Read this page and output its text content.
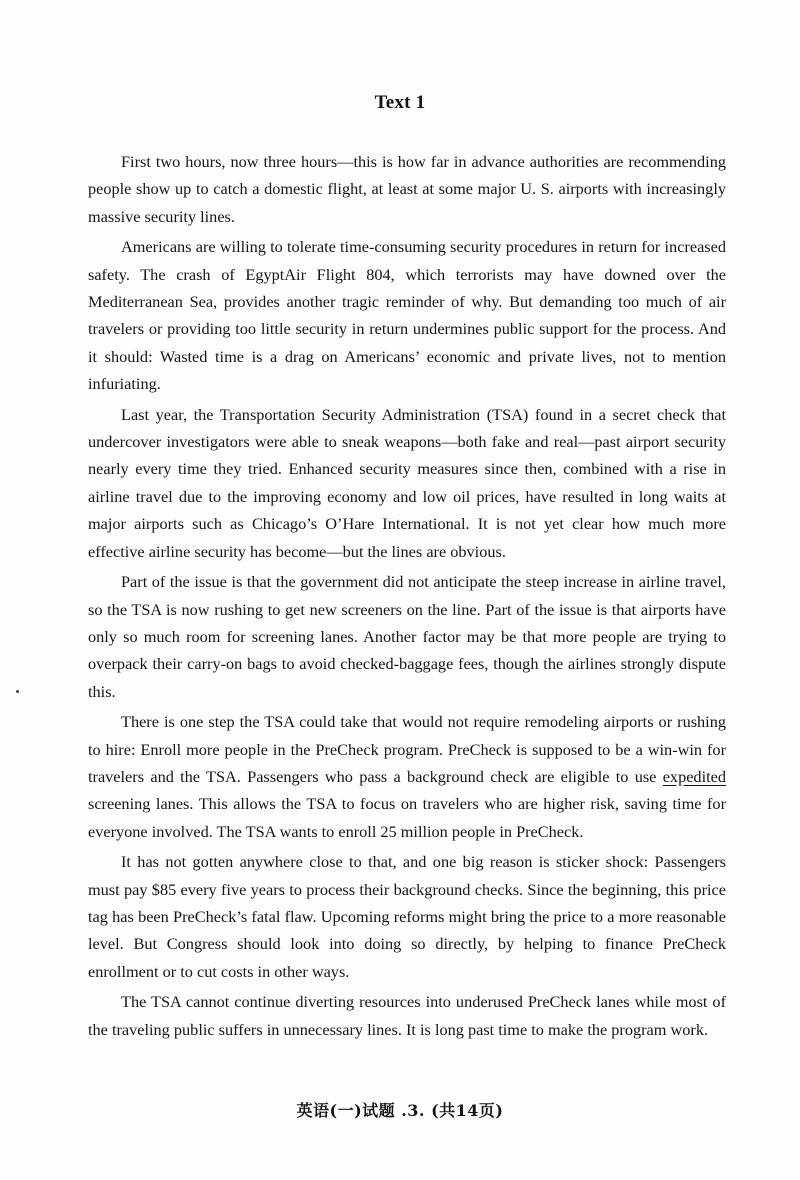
Text 1

First two hours, now three hours—this is how far in advance authorities are recommending people show up to catch a domestic flight, at least at some major U. S. airports with increasingly massive security lines.

Americans are willing to tolerate time-consuming security procedures in return for increased safety. The crash of EgyptAir Flight 804, which terrorists may have downed over the Mediterranean Sea, provides another tragic reminder of why. But demanding too much of air travelers or providing too little security in return undermines public support for the process. And it should: Wasted time is a drag on Americans’ economic and private lives, not to mention infuriating.

Last year, the Transportation Security Administration (TSA) found in a secret check that undercover investigators were able to sneak weapons—both fake and real—past airport security nearly every time they tried. Enhanced security measures since then, combined with a rise in airline travel due to the improving economy and low oil prices, have resulted in long waits at major airports such as Chicago’s O’Hare International. It is not yet clear how much more effective airline security has become—but the lines are obvious.

Part of the issue is that the government did not anticipate the steep increase in airline travel, so the TSA is now rushing to get new screeners on the line. Part of the issue is that airports have only so much room for screening lanes. Another factor may be that more people are trying to overpack their carry-on bags to avoid checked-baggage fees, though the airlines strongly dispute this.

There is one step the TSA could take that would not require remodeling airports or rushing to hire: Enroll more people in the PreCheck program. PreCheck is supposed to be a win-win for travelers and the TSA. Passengers who pass a background check are eligible to use expedited screening lanes. This allows the TSA to focus on travelers who are higher risk, saving time for everyone involved. The TSA wants to enroll 25 million people in PreCheck.

It has not gotten anywhere close to that, and one big reason is sticker shock: Passengers must pay $85 every five years to process their background checks. Since the beginning, this price tag has been PreCheck’s fatal flaw. Upcoming reforms might bring the price to a more reasonable level. But Congress should look into doing so directly, by helping to finance PreCheck enrollment or to cut costs in other ways.

The TSA cannot continue diverting resources into underused PreCheck lanes while most of the traveling public suffers in unnecessary lines. It is long past time to make the program work.

英语(一)试题 .3. (共14页)
